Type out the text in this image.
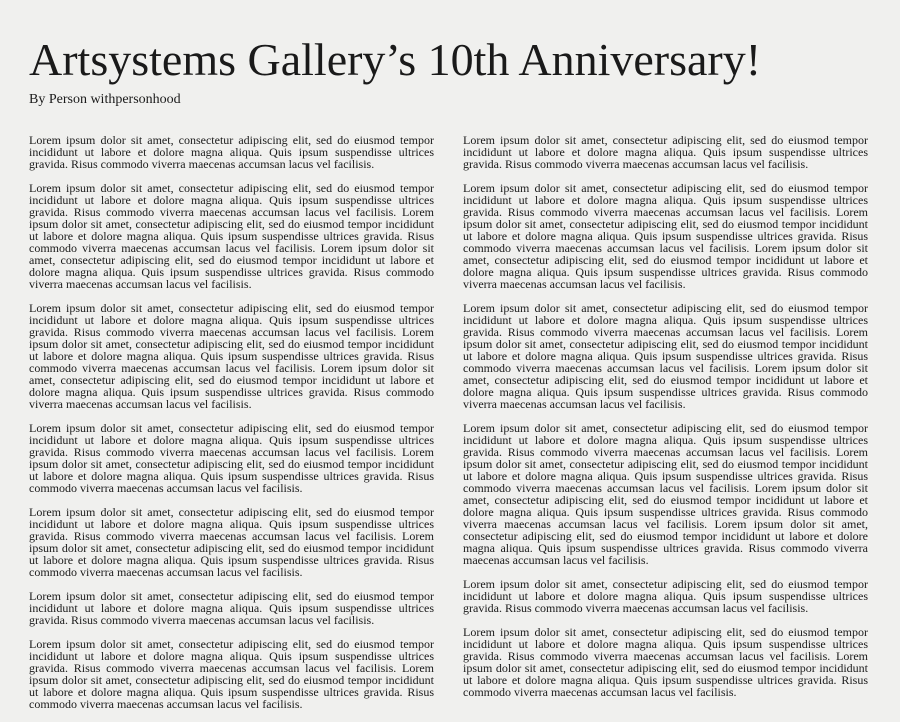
Artsystems Gallery’s 10th Anniversary!

By Person withpersonhood

Lorem ipsum dolor sit amet, consectetur adipiscing elit, sed do eiusmod tempor incididunt ut labore et dolore magna aliqua. Quis ipsum suspendisse ultrices gravida. Risus commodo viverra maecenas accumsan lacus vel facilisis.

Lorem ipsum dolor sit amet, consectetur adipiscing elit, sed do eiusmod tempor incididunt ut labore et dolore magna aliqua. Quis ipsum suspendisse ultrices gravida. Risus commodo viverra maecenas accumsan lacus vel facilisis. Lorem ipsum dolor sit amet, consectetur adipiscing elit, sed do eiusmod tempor incididunt ut labore et dolore magna aliqua. Quis ipsum suspendisse ultrices gravida. Risus commodo viverra maecenas accumsan lacus vel facilisis. Lorem ipsum dolor sit amet, consectetur adipiscing elit, sed do eiusmod tempor incididunt ut labore et dolore magna aliqua. Quis ipsum suspendisse ultrices gravida. Risus commodo viverra maecenas accumsan lacus vel facilisis.

Lorem ipsum dolor sit amet, consectetur adipiscing elit, sed do eiusmod tempor incididunt ut labore et dolore magna aliqua. Quis ipsum suspendisse ultrices gravida. Risus commodo viverra maecenas accumsan lacus vel facilisis. Lorem ipsum dolor sit amet, consectetur adipiscing elit, sed do eiusmod tempor incididunt ut labore et dolore magna aliqua. Quis ipsum suspendisse ultrices gravida. Risus commodo viverra maecenas accumsan lacus vel facilisis. Lorem ipsum dolor sit amet, consectetur adipiscing elit, sed do eiusmod tempor incididunt ut labore et dolore magna aliqua. Quis ipsum suspendisse ultrices gravida. Risus commodo viverra maecenas accumsan lacus vel facilisis.

Lorem ipsum dolor sit amet, consectetur adipiscing elit, sed do eiusmod tempor incididunt ut labore et dolore magna aliqua. Quis ipsum suspendisse ultrices gravida. Risus commodo viverra maecenas accumsan lacus vel facilisis. Lorem ipsum dolor sit amet, consectetur adipiscing elit, sed do eiusmod tempor incididunt ut labore et dolore magna aliqua. Quis ipsum suspendisse ultrices gravida. Risus commodo viverra maecenas accumsan lacus vel facilisis.

Lorem ipsum dolor sit amet, consectetur adipiscing elit, sed do eiusmod tempor incididunt ut labore et dolore magna aliqua. Quis ipsum suspendisse ultrices gravida. Risus commodo viverra maecenas accumsan lacus vel facilisis. Lorem ipsum dolor sit amet, consectetur adipiscing elit, sed do eiusmod tempor incididunt ut labore et dolore magna aliqua. Quis ipsum suspendisse ultrices gravida. Risus commodo viverra maecenas accumsan lacus vel facilisis.

Lorem ipsum dolor sit amet, consectetur adipiscing elit, sed do eiusmod tempor incididunt ut labore et dolore magna aliqua. Quis ipsum suspendisse ultrices gravida. Risus commodo viverra maecenas accumsan lacus vel facilisis.

Lorem ipsum dolor sit amet, consectetur adipiscing elit, sed do eiusmod tempor incididunt ut labore et dolore magna aliqua. Quis ipsum suspendisse ultrices gravida. Risus commodo viverra maecenas accumsan lacus vel facilisis. Lorem ipsum dolor sit amet, consectetur adipiscing elit, sed do eiusmod tempor incididunt ut labore et dolore magna aliqua. Quis ipsum suspendisse ultrices gravida. Risus commodo viverra maecenas accumsan lacus vel facilisis.

Lorem ipsum dolor sit amet, consectetur adipiscing elit, sed do eiusmod tempor incididunt ut labore et dolore magna aliqua. Quis ipsum suspendisse ultrices gravida. Risus commodo viverra maecenas accumsan lacus vel facilisis.

Lorem ipsum dolor sit amet, consectetur adipiscing elit, sed do eiusmod tempor incididunt ut labore et dolore magna aliqua. Quis ipsum suspendisse ultrices gravida. Risus commodo viverra maecenas accumsan lacus vel facilisis. Lorem ipsum dolor sit amet, consectetur adipiscing elit, sed do eiusmod tempor incididunt ut labore et dolore magna aliqua. Quis ipsum suspendisse ultrices gravida. Risus commodo viverra maecenas accumsan lacus vel facilisis. Lorem ipsum dolor sit amet, consectetur adipiscing elit, sed do eiusmod tempor incididunt ut labore et dolore magna aliqua. Quis ipsum suspendisse ultrices gravida. Risus commodo viverra maecenas accumsan lacus vel facilisis.

Lorem ipsum dolor sit amet, consectetur adipiscing elit, sed do eiusmod tempor incididunt ut labore et dolore magna aliqua. Quis ipsum suspendisse ultrices gravida. Risus commodo viverra maecenas accumsan lacus vel facilisis. Lorem ipsum dolor sit amet, consectetur adipiscing elit, sed do eiusmod tempor incididunt ut labore et dolore magna aliqua. Quis ipsum suspendisse ultrices gravida. Risus commodo viverra maecenas accumsan lacus vel facilisis. Lorem ipsum dolor sit amet, consectetur adipiscing elit, sed do eiusmod tempor incididunt ut labore et dolore magna aliqua. Quis ipsum suspendisse ultrices gravida. Risus commodo viverra maecenas accumsan lacus vel facilisis.

Lorem ipsum dolor sit amet, consectetur adipiscing elit, sed do eiusmod tempor incididunt ut labore et dolore magna aliqua. Quis ipsum suspendisse ultrices gravida. Risus commodo viverra maecenas accumsan lacus vel facilisis. Lorem ipsum dolor sit amet, consectetur adipiscing elit, sed do eiusmod tempor incididunt ut labore et dolore magna aliqua. Quis ipsum suspendisse ultrices gravida. Risus commodo viverra maecenas accumsan lacus vel facilisis. Lorem ipsum dolor sit amet, consectetur adipiscing elit, sed do eiusmod tempor incididunt ut labore et dolore magna aliqua. Quis ipsum suspendisse ultrices gravida. Risus commodo viverra maecenas accumsan lacus vel facilisis. Lorem ipsum dolor sit amet, consectetur adipiscing elit, sed do eiusmod tempor incididunt ut labore et dolore magna aliqua. Quis ipsum suspendisse ultrices gravida. Risus commodo viverra maecenas accumsan lacus vel facilisis.

Lorem ipsum dolor sit amet, consectetur adipiscing elit, sed do eiusmod tempor incididunt ut labore et dolore magna aliqua. Quis ipsum suspendisse ultrices gravida. Risus commodo viverra maecenas accumsan lacus vel facilisis.

Lorem ipsum dolor sit amet, consectetur adipiscing elit, sed do eiusmod tempor incididunt ut labore et dolore magna aliqua. Quis ipsum suspendisse ultrices gravida. Risus commodo viverra maecenas accumsan lacus vel facilisis. Lorem ipsum dolor sit amet, consectetur adipiscing elit, sed do eiusmod tempor incididunt ut labore et dolore magna aliqua. Quis ipsum suspendisse ultrices gravida. Risus commodo viverra maecenas accumsan lacus vel facilisis.
